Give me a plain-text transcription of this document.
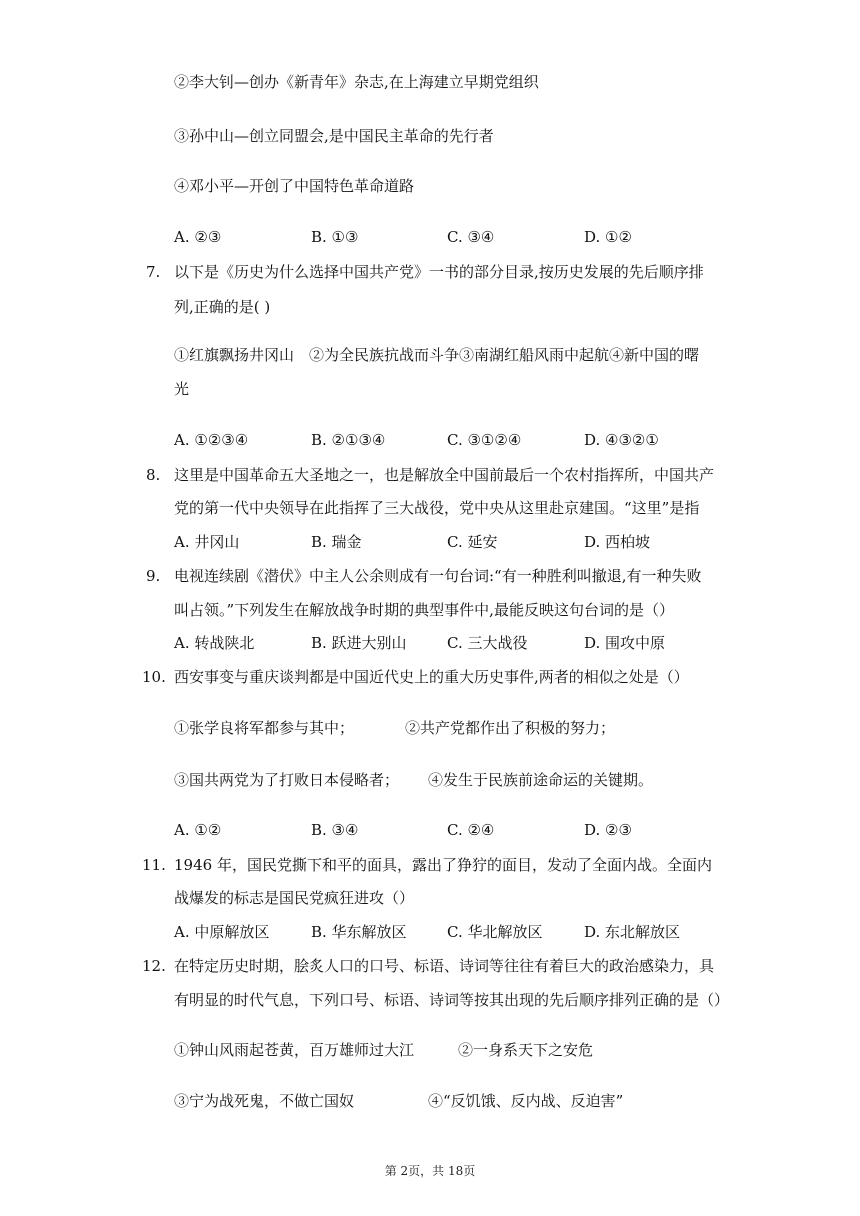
②李大钊—创办《新青年》杂志,在上海建立早期党组织
③孙中山—创立同盟会,是中国民主革命的先行者
④邓小平—开创了中国特色革命道路
A. ②③	B. ①③	C. ③④	D. ①②
7. 以下是《历史为什么选择中国共产党》一书的部分目录,按历史发展的先后顺序排
列,正确的是( )
①红旗飘扬井冈山　②为全民族抗战而斗争③南湖红船风雨中起航④新中国的曙
光
A. ①②③④	B. ②①③④	C. ③①②④	D. ④③②①
8. 这里是中国革命五大圣地之一，也是解放全中国前最后一个农村指挥所，中国共产
党的第一代中央领导在此指挥了三大战役，党中央从这里赴京建国。“这里”是指
A. 井冈山	B. 瑞金	C. 延安	D. 西柏坡
9. 电视连续剧《潜伏》中主人公余则成有一句台词:“有一种胜利叫撤退,有一种失败
叫占领。”下列发生在解放战争时期的典型事件中,最能反映这句台词的是（）
A. 转战陕北	B. 跃进大别山	C. 三大战役	D. 围攻中原
10. 西安事变与重庆谈判都是中国近代史上的重大历史事件,两者的相似之处是（）
①张学良将军都参与其中；	②共产党都作出了积极的努力；
③国共两党为了打败日本侵略者； ④发生于民族前途命运的关键期。
A. ①②	B. ③④	C. ②④	D. ②③
11. 1946 年，国民党撕下和平的面具，露出了狰狞的面目，发动了全面内战。全面内
战爆发的标志是国民党疯狂进攻（）
A. 中原解放区	B. 华东解放区	C. 华北解放区	D. 东北解放区
12. 在特定历史时期，脍炙人口的口号、标语、诗词等往往有着巨大的政治感染力，具
有明显的时代气息，下列口号、标语、诗词等按其出现的先后顺序排列正确的是（）
①钟山风雨起苍黄，百万雄师过大江	②一身系天下之安危
③宁为战死鬼，不做亡国奴	④“反饥饿、反内战、反迫害”
第 2页，共 18页
